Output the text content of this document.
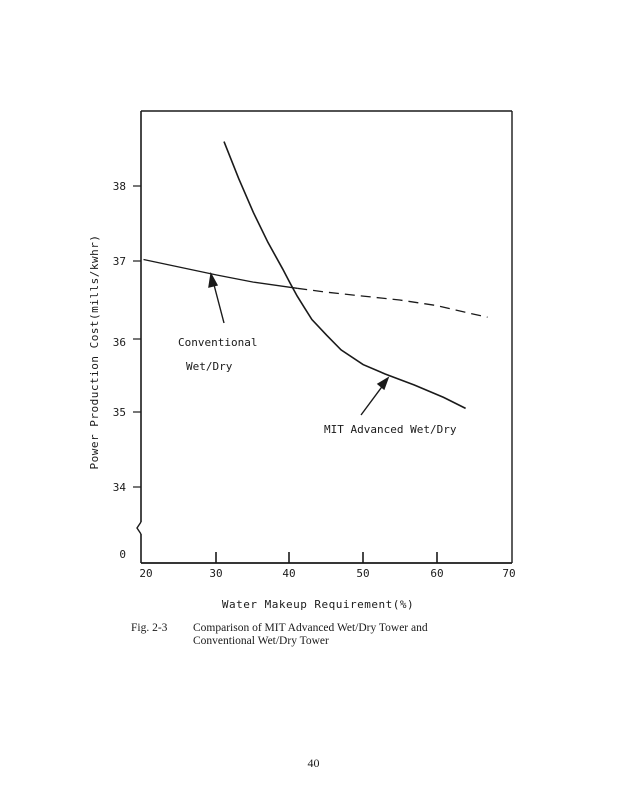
38
37
36
35
34
0
20	30	40	50	60	70
Water Makeup Requirement(%)
Power Production Cost(mills/kwhr)	Conventional
Wet/Dry
MIT Advanced Wet/Dry
Fig. 2-3 Comparison of MIT Advanced Wet/Dry Tower and
Conventional Wet/Dry Tower
40
